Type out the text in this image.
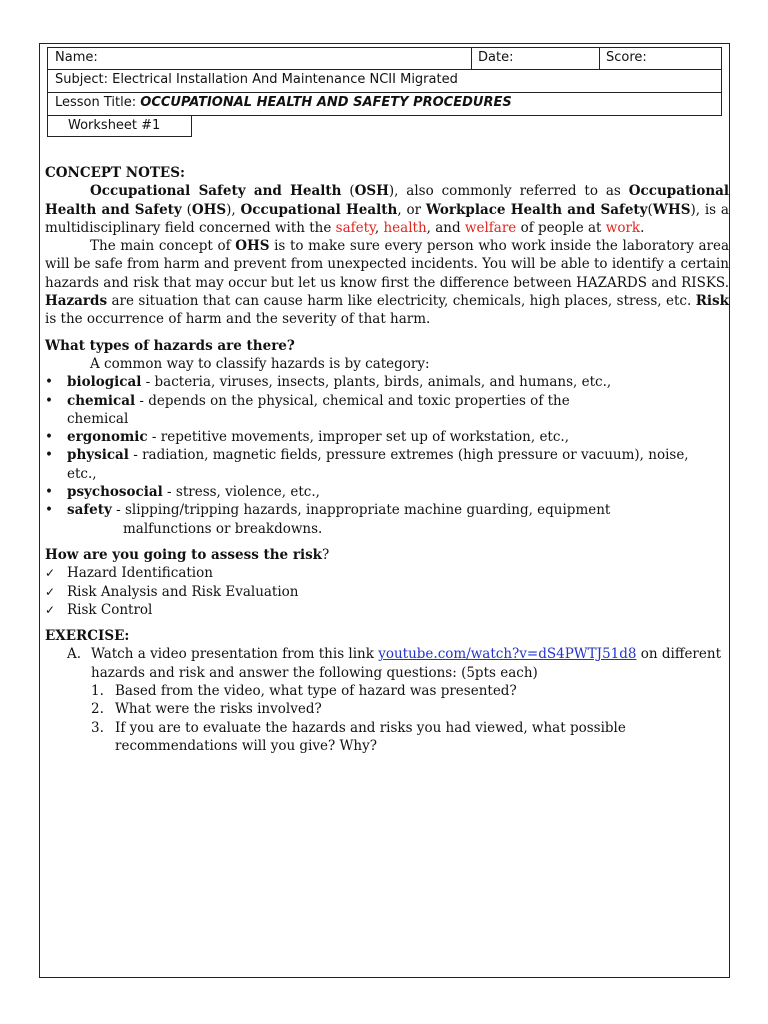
Name:	Date:	Score:
Subject: Electrical Installation And Maintenance NCII Migrated
Lesson Title: OCCUPATIONAL HEALTH AND SAFETY PROCEDURES
Worksheet #1

CONCEPT NOTES:

Occupational Safety and Health (OSH), also commonly referred to as Occupational Health and Safety (OHS), Occupational Health, or Workplace Health and Safety(WHS), is a multidisciplinary field concerned with the safety, health, and welfare of people at work.

The main concept of OHS is to make sure every person who work inside the laboratory area will be safe from harm and prevent from unexpected incidents. You will be able to identify a certain hazards and risk that may occur but let us know first the difference between HAZARDS and RISKS. Hazards are situation that can cause harm like electricity, chemicals, high places, stress, etc. Risk is the occurrence of harm and the severity of that harm.

What types of hazards are there?

A common way to classify hazards is by category:

• biological - bacteria, viruses, insects, plants, birds, animals, and humans, etc.,
• chemical - depends on the physical, chemical and toxic properties of the chemical
• ergonomic - repetitive movements, improper set up of workstation, etc.,
• physical - radiation, magnetic fields, pressure extremes (high pressure or vacuum), noise, etc.,
• psychosocial - stress, violence, etc.,
• safety - slipping/tripping hazards, inappropriate machine guarding, equipment
malfunctions or breakdowns.

How are you going to assess the risk?

✓ Hazard Identification
✓ Risk Analysis and Risk Evaluation
✓ Risk Control

EXERCISE:

A. Watch a video presentation from this link youtube.com/watch?v=dS4PWTJ51d8 on different hazards and risk and answer the following questions: (5pts each)
1. Based from the video, what type of hazard was presented?
2. What were the risks involved?
3. If you are to evaluate the hazards and risks you had viewed, what possible recommendations will you give? Why?
